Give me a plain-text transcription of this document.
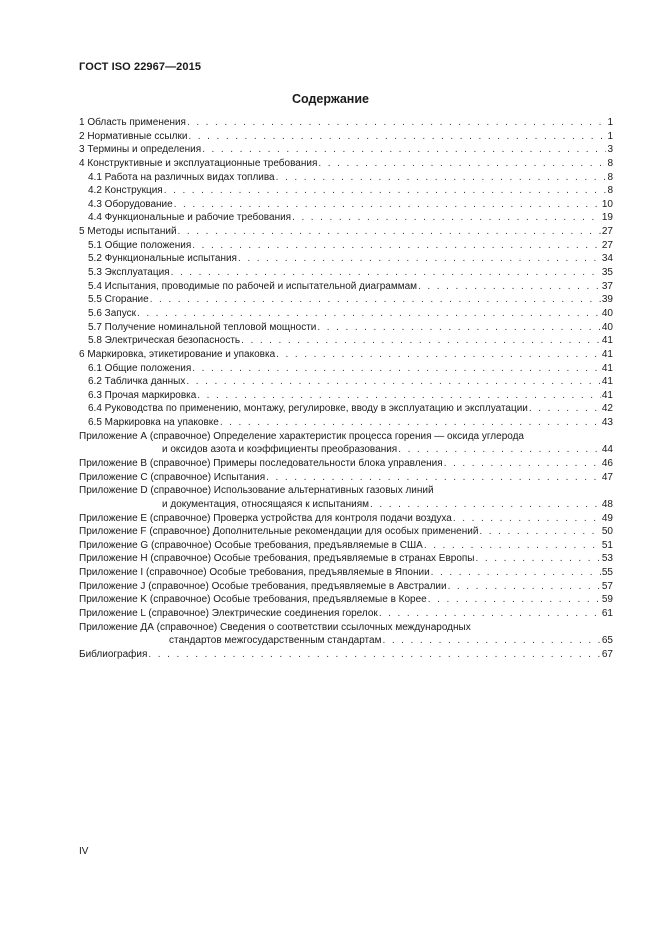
ГОСТ ISO 22967—2015
Содержание
1 Область применения . . .	1
2 Нормативные ссылки . . .	1
3 Термины и определения . . .	3
4 Конструктивные и эксплуатационные требования . . .	8
4.1 Работа на различных видах топлива . . .	8
4.2 Конструкция . . .	8
4.3 Оборудование . . .	10
4.4 Функциональные и рабочие требования . . .	19
5 Методы испытаний . . .	27
5.1 Общие положения . . .	27
5.2 Функциональные испытания . . .	34
5.3 Эксплуатация . . .	35
5.4 Испытания, проводимые по рабочей и испытательной диаграммам . . .	37
5.5 Сгорание . . .	39
5.6 Запуск . . .	40
5.7 Получение номинальной тепловой мощности . . .	40
5.8 Электрическая безопасность . . .	41
6 Маркировка, этикетирование и упаковка . . .	41
6.1 Общие положения . . .	41
6.2 Табличка данных . . .	41
6.3 Прочая маркировка . . .	41
6.4 Руководства по применению, монтажу, регулировке, вводу в эксплуатацию и эксплуатации . . .	42
6.5 Маркировка на упаковке . . .	43
Приложение А (справочное) Определение характеристик процесса горения — оксида углерода
и оксидов азота и коэффициенты преобразования . . .	44
Приложение В (справочное) Примеры последовательности блока управления . . .	46
Приложение С (справочное) Испытания . . .	47
Приложение D (справочное) Использование альтернативных газовых линий
и документация, относящаяся к испытаниям . . .	48
Приложение Е (справочное) Проверка устройства для контроля подачи воздуха . . .	49
Приложение F (справочное) Дополнительные рекомендации для особых применений . . .	50
Приложение G (справочное) Особые требования, предъявляемые в США . . .	51
Приложение Н (справочное) Особые требования, предъявляемые в странах Европы . . .	53
Приложение I (справочное) Особые требования, предъявляемые в Японии . . .	55
Приложение J (справочное) Особые требования, предъявляемые в Австралии . . .	57
Приложение K (справочное) Особые требования, предъявляемые в Корее . . .	59
Приложение L (справочное) Электрические соединения горелок . . .	61
Приложение ДА (справочное) Сведения о соответствии ссылочных международных
стандартов межгосударственным стандартам . . .	65
Библиография . . .	67
IV
